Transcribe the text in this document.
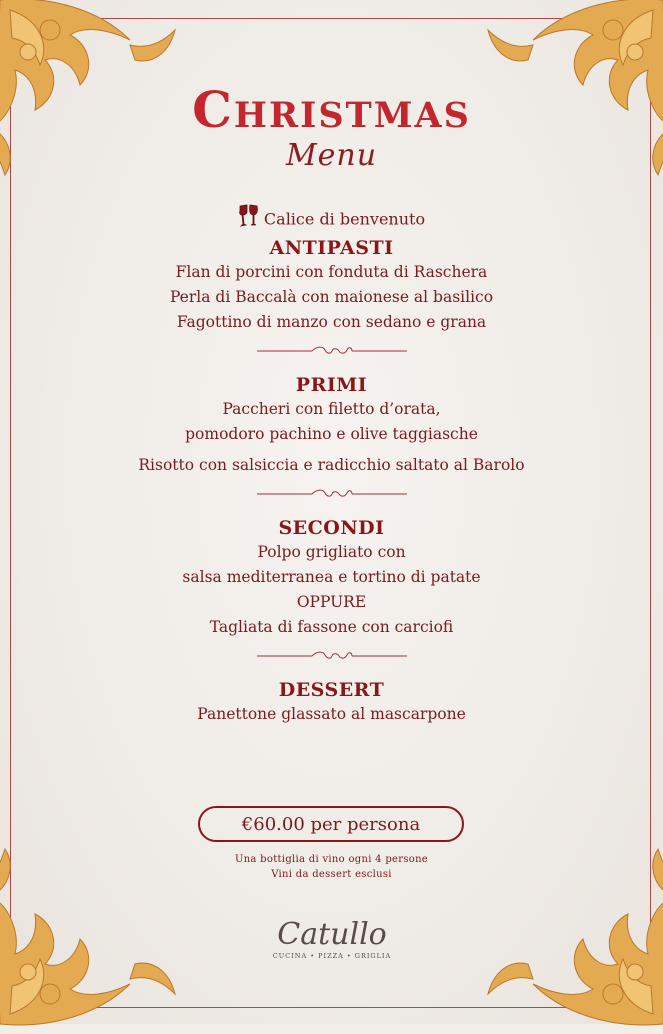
Christmas
Menu
Calice di benvenuto
ANTIPASTI
Flan di porcini con fonduta di Raschera
Perla di Baccalà con maionese al basilico
Fagottino di manzo con sedano e grana
PRIMI
Paccheri con filetto d’orata,
pomodoro pachino e olive taggiasche
Risotto con salsiccia e radicchio saltato al Barolo
SECONDI
Polpo grigliato con
salsa mediterranea e tortino di patate
OPPURE
Tagliata di fassone con carciofi
DESSERT
Panettone glassato al mascarpone
€60.00 per persona
Una bottiglia di vino ogni 4 persone
Vini da dessert esclusi
Catullo
CUCINA • PIZZA • GRIGLIA
